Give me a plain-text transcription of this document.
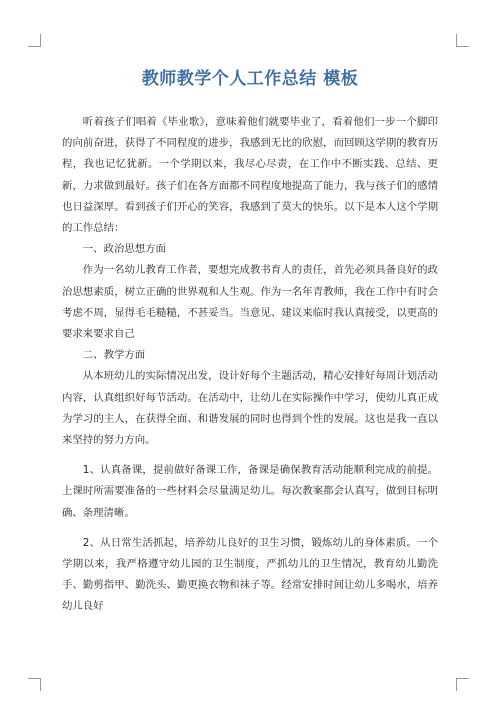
教师教学个人工作总结 模板

听着孩子们唱着《毕业歌》，意味着他们就要毕业了，看着他们一步一个脚印的向前奋进，获得了不同程度的进步，我感到无比的欣慰，而回顾这学期的教育历程，我也记忆犹新。一个学期以来，我尽心尽责，在工作中不断实践、总结、更新，力求做到最好。孩子们在各方面都不同程度地提高了能力，我与孩子们的感情也日益深厚。看到孩子们开心的笑容，我感到了莫大的快乐。以下是本人这个学期的工作总结：

一、政治思想方面

作为一名幼儿教育工作者，要想完成教书育人的责任，首先必须具备良好的政治思想素质，树立正确的世界观和人生观。作为一名年青教师，我在工作中有时会考虑不周，显得毛毛糙糙，不甚妥当。当意见、建议来临时我认真接受，以更高的要求来要求自己

二、教学方面

从本班幼儿的实际情况出发，设计好每个主题活动，精心安排好每周计划活动内容，认真组织好每节活动。在活动中，让幼儿在实际操作中学习，使幼儿真正成为学习的主人，在获得全面、和谐发展的同时也得到个性的发展。这也是我一直以来坚持的努力方向。

1、认真备课，提前做好备课工作，备课是确保教育活动能顺利完成的前提。上课时所需要准备的一些材料会尽量满足幼儿。每次教案都会认真写，做到目标明确、条理清晰。

2、从日常生活抓起，培养幼儿良好的卫生习惯，锻炼幼儿的身体素质。一个学期以来，我严格遵守幼儿园的卫生制度，严抓幼儿的卫生情况，教育幼儿勤洗手、勤剪指甲、勤洗头、勤更换衣物和袜子等。经常安排时间让幼儿多喝水，培养幼儿良好
